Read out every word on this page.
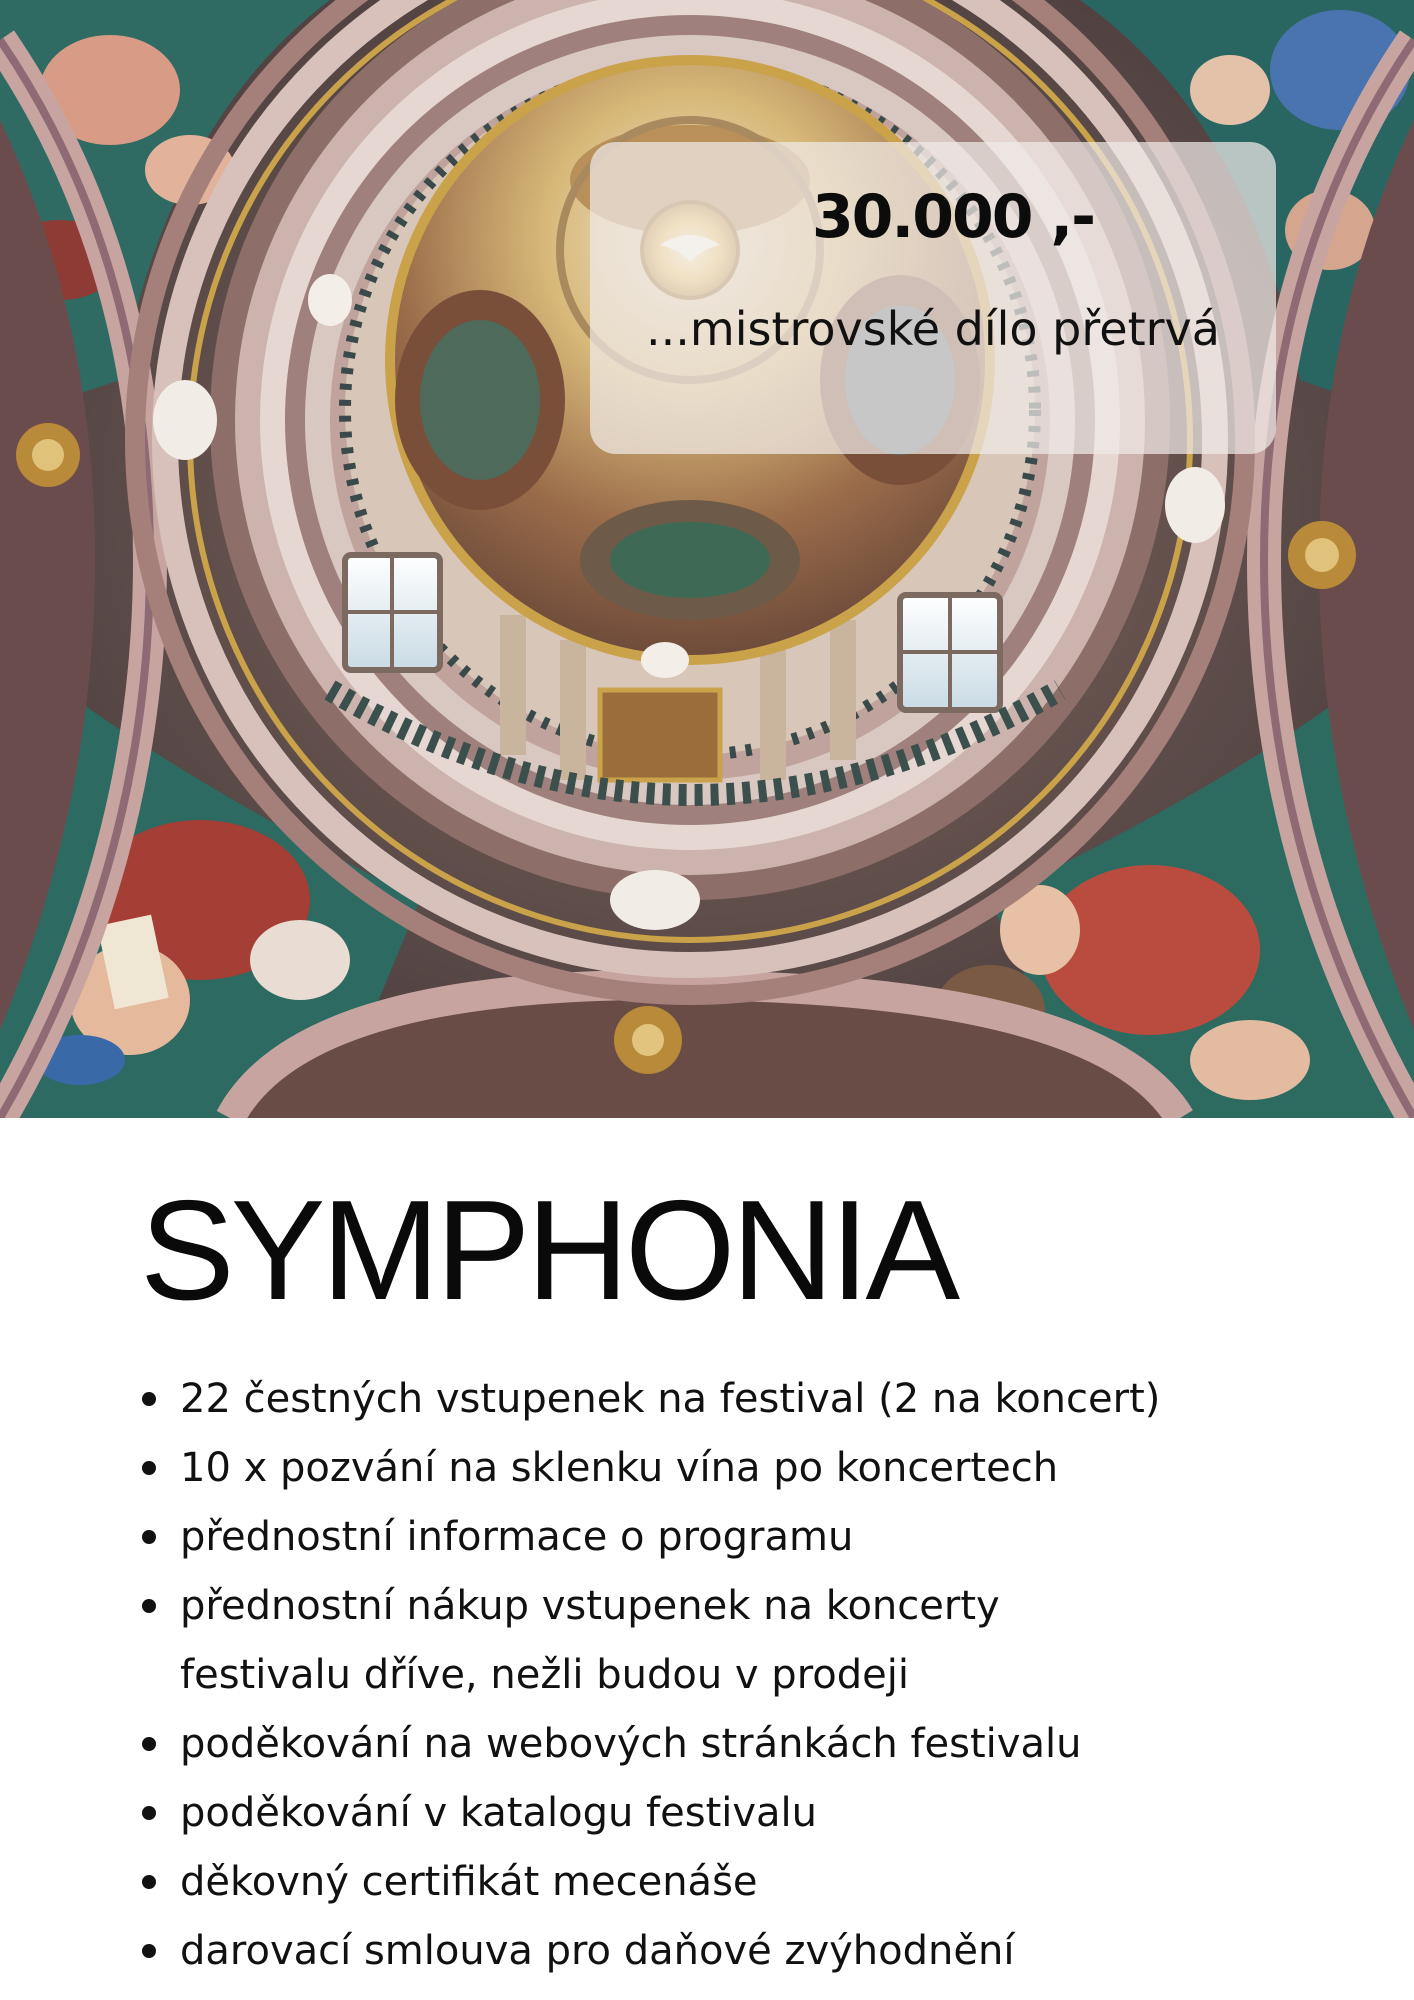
30.000 ,-
...mistrovské dílo přetrvá
SYMPHONIA
22 čestných vstupenek na festival (2 na koncert)
10 x pozvání na sklenku vína po koncertech
přednostní informace o programu
přednostní nákup vstupenek na koncerty
festivalu dříve, nežli budou v prodeji
poděkování na webových stránkách festivalu
poděkování v katalogu festivalu
děkovný certifikát mecenáše
darovací smlouva pro daňové zvýhodnění
